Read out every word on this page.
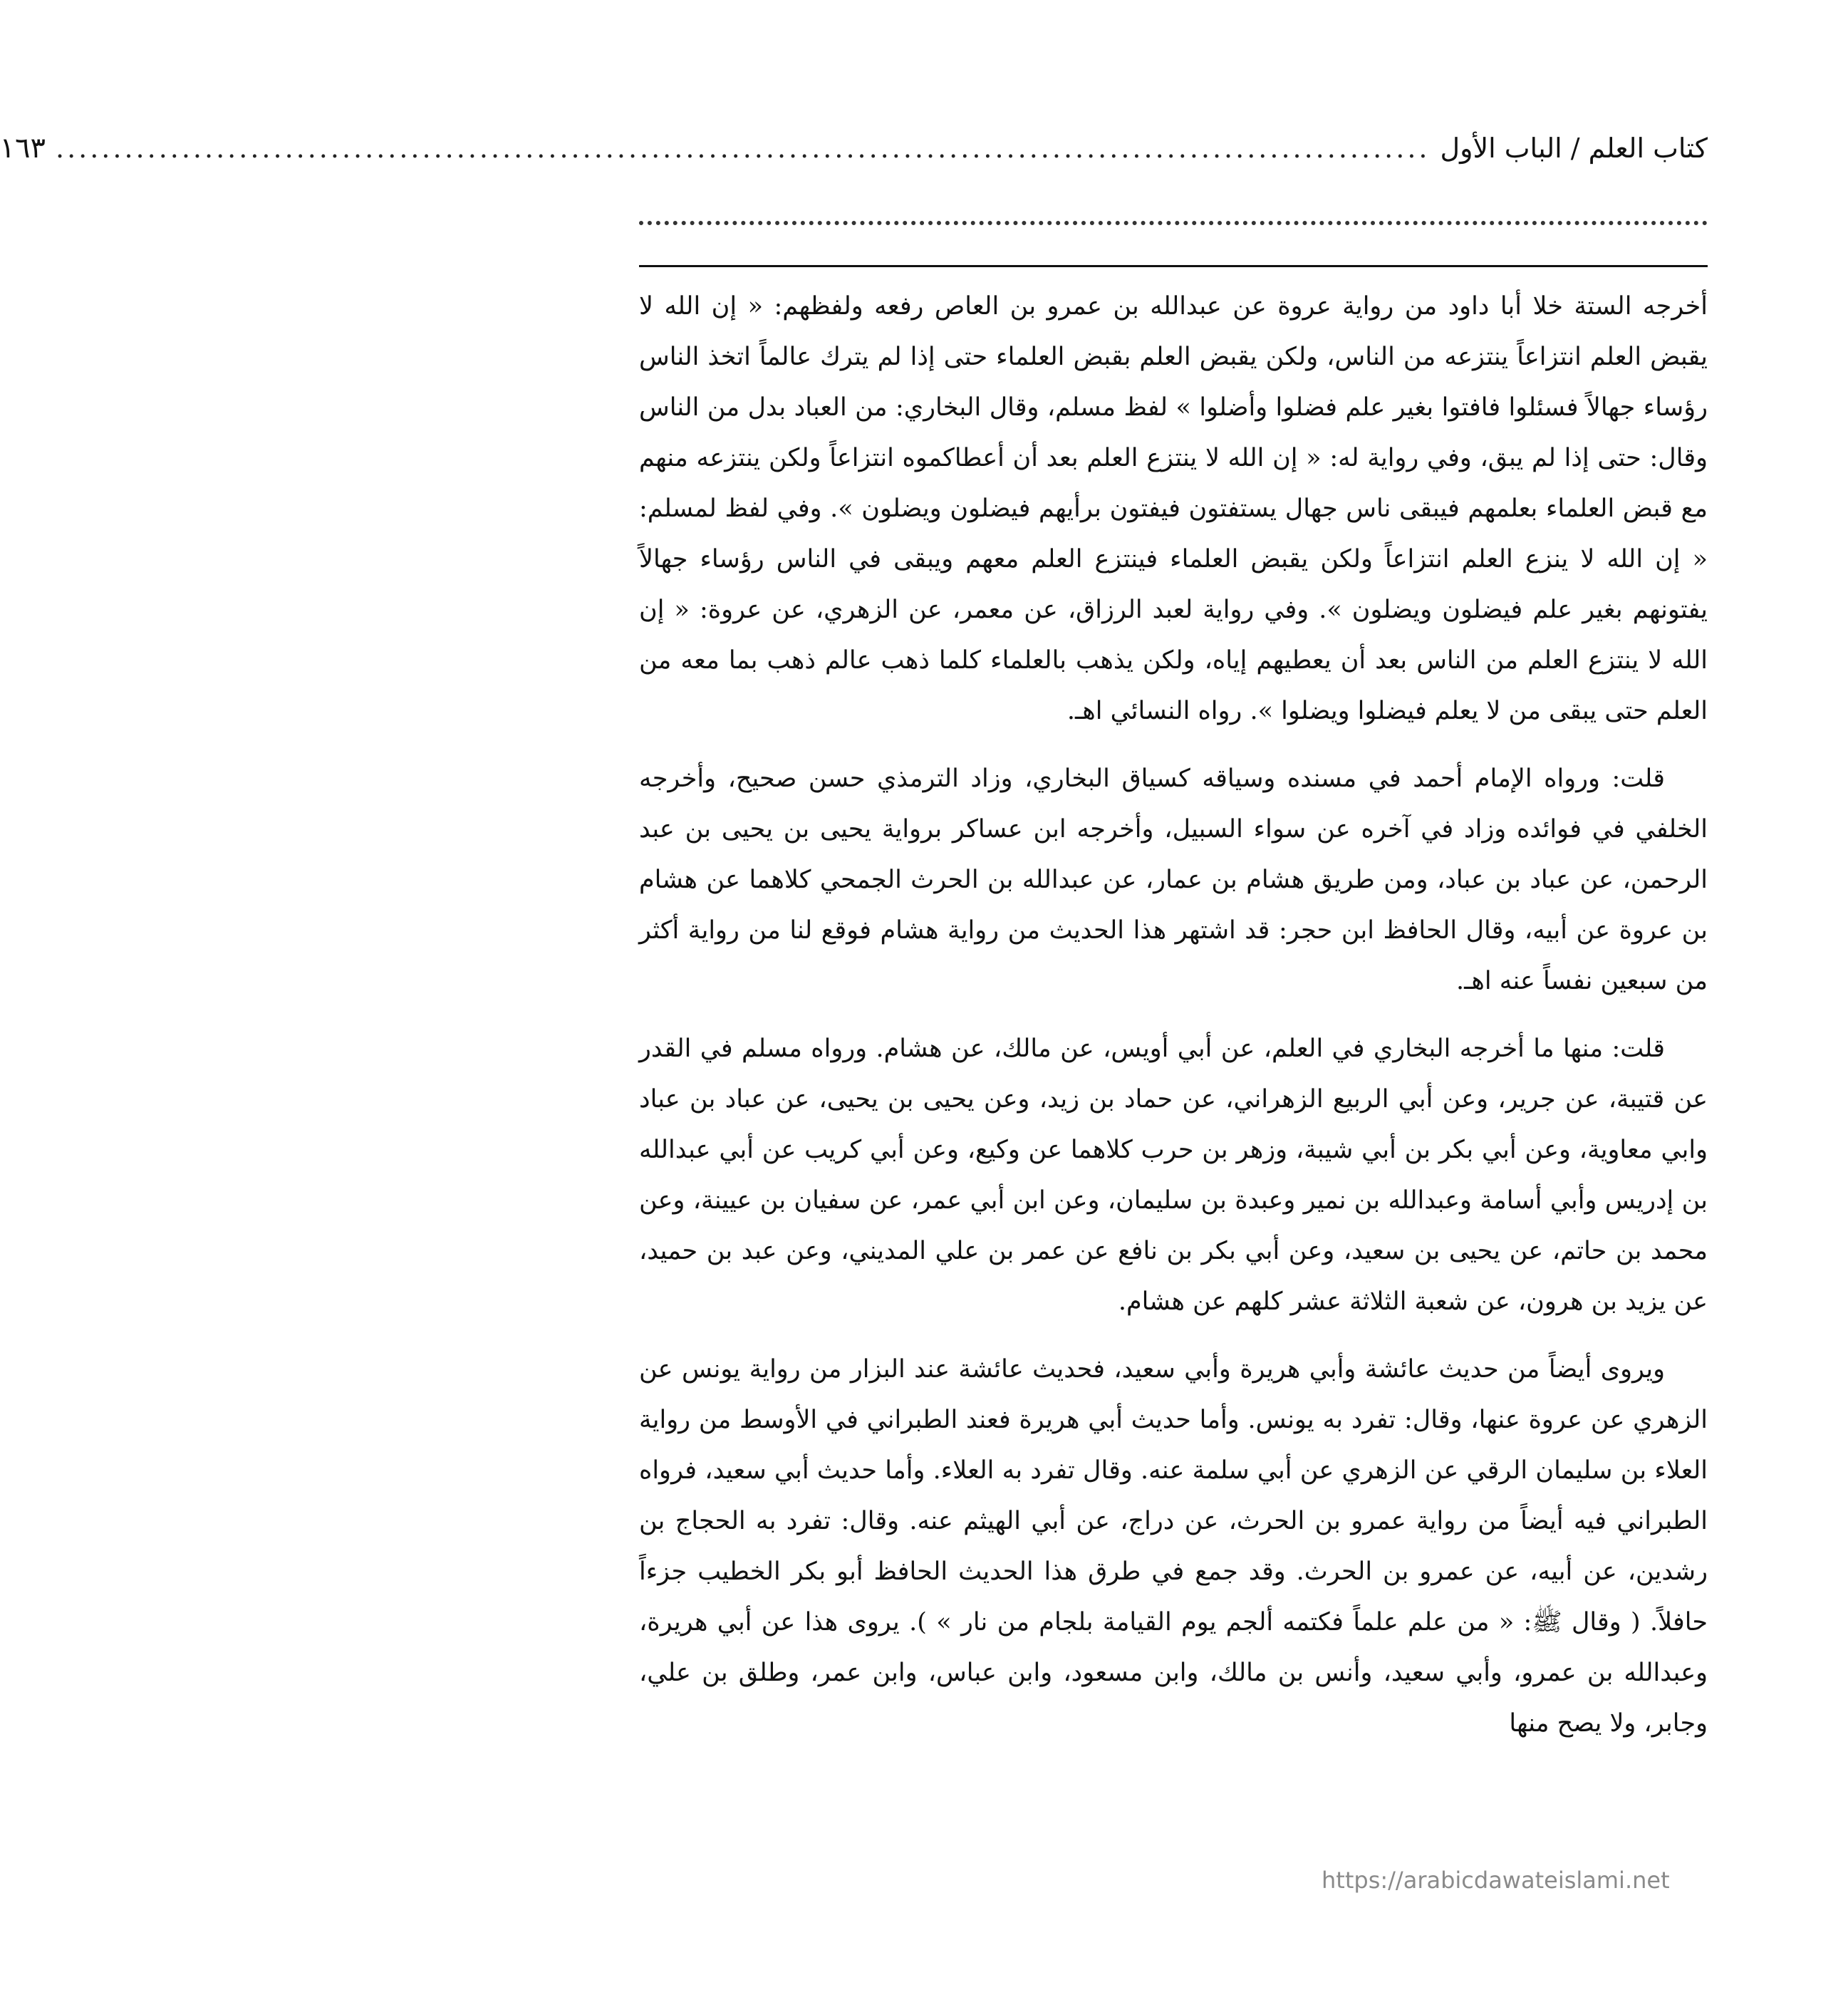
كتاب العلم / الباب الأول
........................................................................................................................
١٦٣

أخرجه الستة خلا أبا داود من رواية عروة عن عبدالله بن عمرو بن العاص رفعه ولفظهم: « إن الله لا يقبض العلم انتزاعاً ينتزعه من الناس، ولكن يقبض العلم بقبض العلماء حتى إذا لم يترك عالماً اتخذ الناس رؤساء جهالاً فسئلوا فافتوا بغير علم فضلوا وأضلوا » لفظ مسلم، وقال البخاري: من العباد بدل من الناس وقال: حتى إذا لم يبق، وفي رواية له: « إن الله لا ينتزع العلم بعد أن أعطاكموه انتزاعاً ولكن ينتزعه منهم مع قبض العلماء بعلمهم فيبقى ناس جهال يستفتون فيفتون برأيهم فيضلون ويضلون ». وفي لفظ لمسلم: « إن الله لا ينزع العلم انتزاعاً ولكن يقبض العلماء فينتزع العلم معهم ويبقى في الناس رؤساء جهالاً يفتونهم بغير علم فيضلون ويضلون ». وفي رواية لعبد الرزاق، عن معمر، عن الزهري، عن عروة: « إن الله لا ينتزع العلم من الناس بعد أن يعطيهم إياه، ولكن يذهب بالعلماء كلما ذهب عالم ذهب بما معه من العلم حتى يبقى من لا يعلم فيضلوا ويضلوا ». رواه النسائي اهـ.

قلت: ورواه الإمام أحمد في مسنده وسياقه كسياق البخاري، وزاد الترمذي حسن صحيح، وأخرجه الخلفي في فوائده وزاد في آخره عن سواء السبيل، وأخرجه ابن عساكر برواية يحيى بن يحيى بن عبد الرحمن، عن عباد بن عباد، ومن طريق هشام بن عمار، عن عبدالله بن الحرث الجمحي كلاهما عن هشام بن عروة عن أبيه، وقال الحافظ ابن حجر: قد اشتهر هذا الحديث من رواية هشام فوقع لنا من رواية أكثر من سبعين نفساً عنه اهـ.

قلت: منها ما أخرجه البخاري في العلم، عن أبي أويس، عن مالك، عن هشام. ورواه مسلم في القدر عن قتيبة، عن جرير، وعن أبي الربيع الزهراني، عن حماد بن زيد، وعن يحيى بن يحيى، عن عباد بن عباد وابي معاوية، وعن أبي بكر بن أبي شيبة، وزهر بن حرب كلاهما عن وكيع، وعن أبي كريب عن أبي عبدالله بن إدريس وأبي أسامة وعبدالله بن نمير وعبدة بن سليمان، وعن ابن أبي عمر، عن سفيان بن عيينة، وعن محمد بن حاتم، عن يحيى بن سعيد، وعن أبي بكر بن نافع عن عمر بن علي المديني، وعن عبد بن حميد، عن يزيد بن هرون، عن شعبة الثلاثة عشر كلهم عن هشام.

ويروى أيضاً من حديث عائشة وأبي هريرة وأبي سعيد، فحديث عائشة عند البزار من رواية يونس عن الزهري عن عروة عنها، وقال: تفرد به يونس. وأما حديث أبي هريرة فعند الطبراني في الأوسط من رواية العلاء بن سليمان الرقي عن الزهري عن أبي سلمة عنه. وقال تفرد به العلاء. وأما حديث أبي سعيد، فرواه الطبراني فيه أيضاً من رواية عمرو بن الحرث، عن دراج، عن أبي الهيثم عنه. وقال: تفرد به الحجاج بن رشدين، عن أبيه، عن عمرو بن الحرث. وقد جمع في طرق هذا الحديث الحافظ أبو بكر الخطيب جزءاً حافلاً. ( وقال ﷺ: « من علم علماً فكتمه ألجم يوم القيامة بلجام من نار » ). يروى هذا عن أبي هريرة، وعبدالله بن عمرو، وأبي سعيد، وأنس بن مالك، وابن مسعود، وابن عباس، وابن عمر، وطلق بن علي، وجابر، ولا يصح منها

https://arabicdawateislami.net
